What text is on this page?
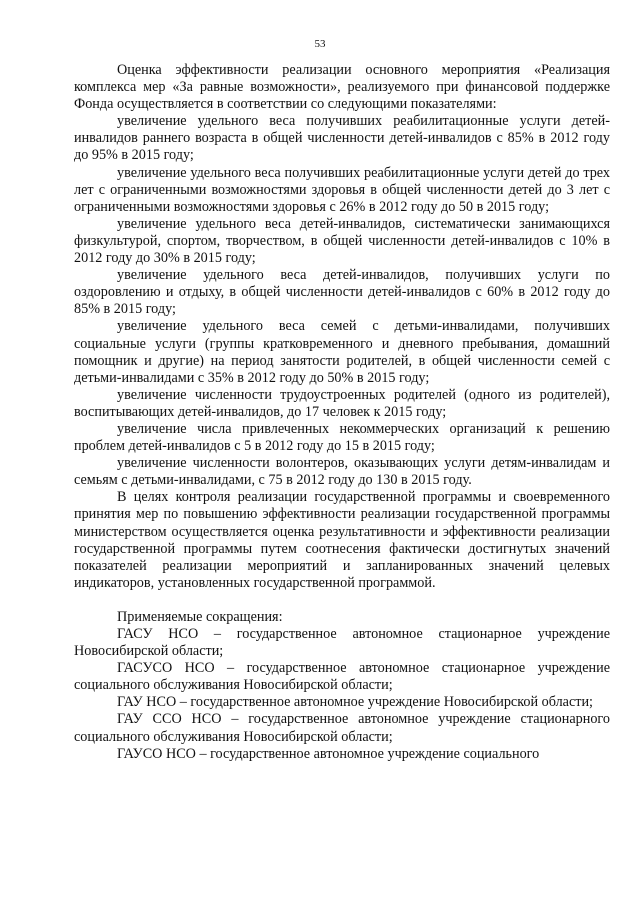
53

Оценка эффективности реализации основного мероприятия «Реализация комплекса мер «За равные возможности», реализуемого при финансовой поддержке Фонда осуществляется в соответствии со следующими показателями:

увеличение удельного веса получивших реабилитационные услуги детей-инвалидов раннего возраста в общей численности детей-инвалидов с 85% в 2012 году до 95% в 2015 году;

увеличение удельного веса получивших реабилитационные услуги детей до трех лет с ограниченными возможностями здоровья в общей численности детей до 3 лет с ограниченными возможностями здоровья с 26% в 2012 году до 50 в 2015 году;

увеличение удельного веса детей-инвалидов, систематически занимающихся физкультурой, спортом, творчеством, в общей численности детей-инвалидов с 10% в 2012 году до 30% в 2015 году;

увеличение удельного веса детей-инвалидов, получивших услуги по оздоровлению и отдыху, в общей численности детей-инвалидов с 60% в 2012 году до 85% в 2015 году;

увеличение удельного веса семей с детьми-инвалидами, получивших социальные услуги (группы кратковременного и дневного пребывания, домашний помощник и другие) на период занятости родителей, в общей численности семей с детьми-инвалидами с 35% в 2012 году до 50% в 2015 году;

увеличение численности трудоустроенных родителей (одного из родителей), воспитывающих детей-инвалидов, до 17 человек к 2015 году;

увеличение числа привлеченных некоммерческих организаций к решению проблем детей-инвалидов с 5 в 2012 году до 15 в 2015 году;

увеличение численности волонтеров, оказывающих услуги детям-инвалидам и семьям с детьми-инвалидами, с 75 в 2012 году до 130 в 2015 году.

В целях контроля реализации государственной программы и своевременного принятия мер по повышению эффективности реализации государственной программы министерством осуществляется оценка результативности и эффективности реализации государственной программы путем соотнесения фактически достигнутых значений показателей реализации мероприятий и запланированных значений целевых индикаторов, установленных государственной программой.

Применяемые сокращения:

ГАСУ НСО – государственное автономное стационарное учреждение Новосибирской области;

ГАСУСО НСО – государственное автономное стационарное учреждение социального обслуживания Новосибирской области;

ГАУ НСО – государственное автономное учреждение Новосибирской области;

ГАУ ССО НСО – государственное автономное учреждение стационарного социального обслуживания Новосибирской области;

ГАУСО НСО – государственное автономное учреждение социального
